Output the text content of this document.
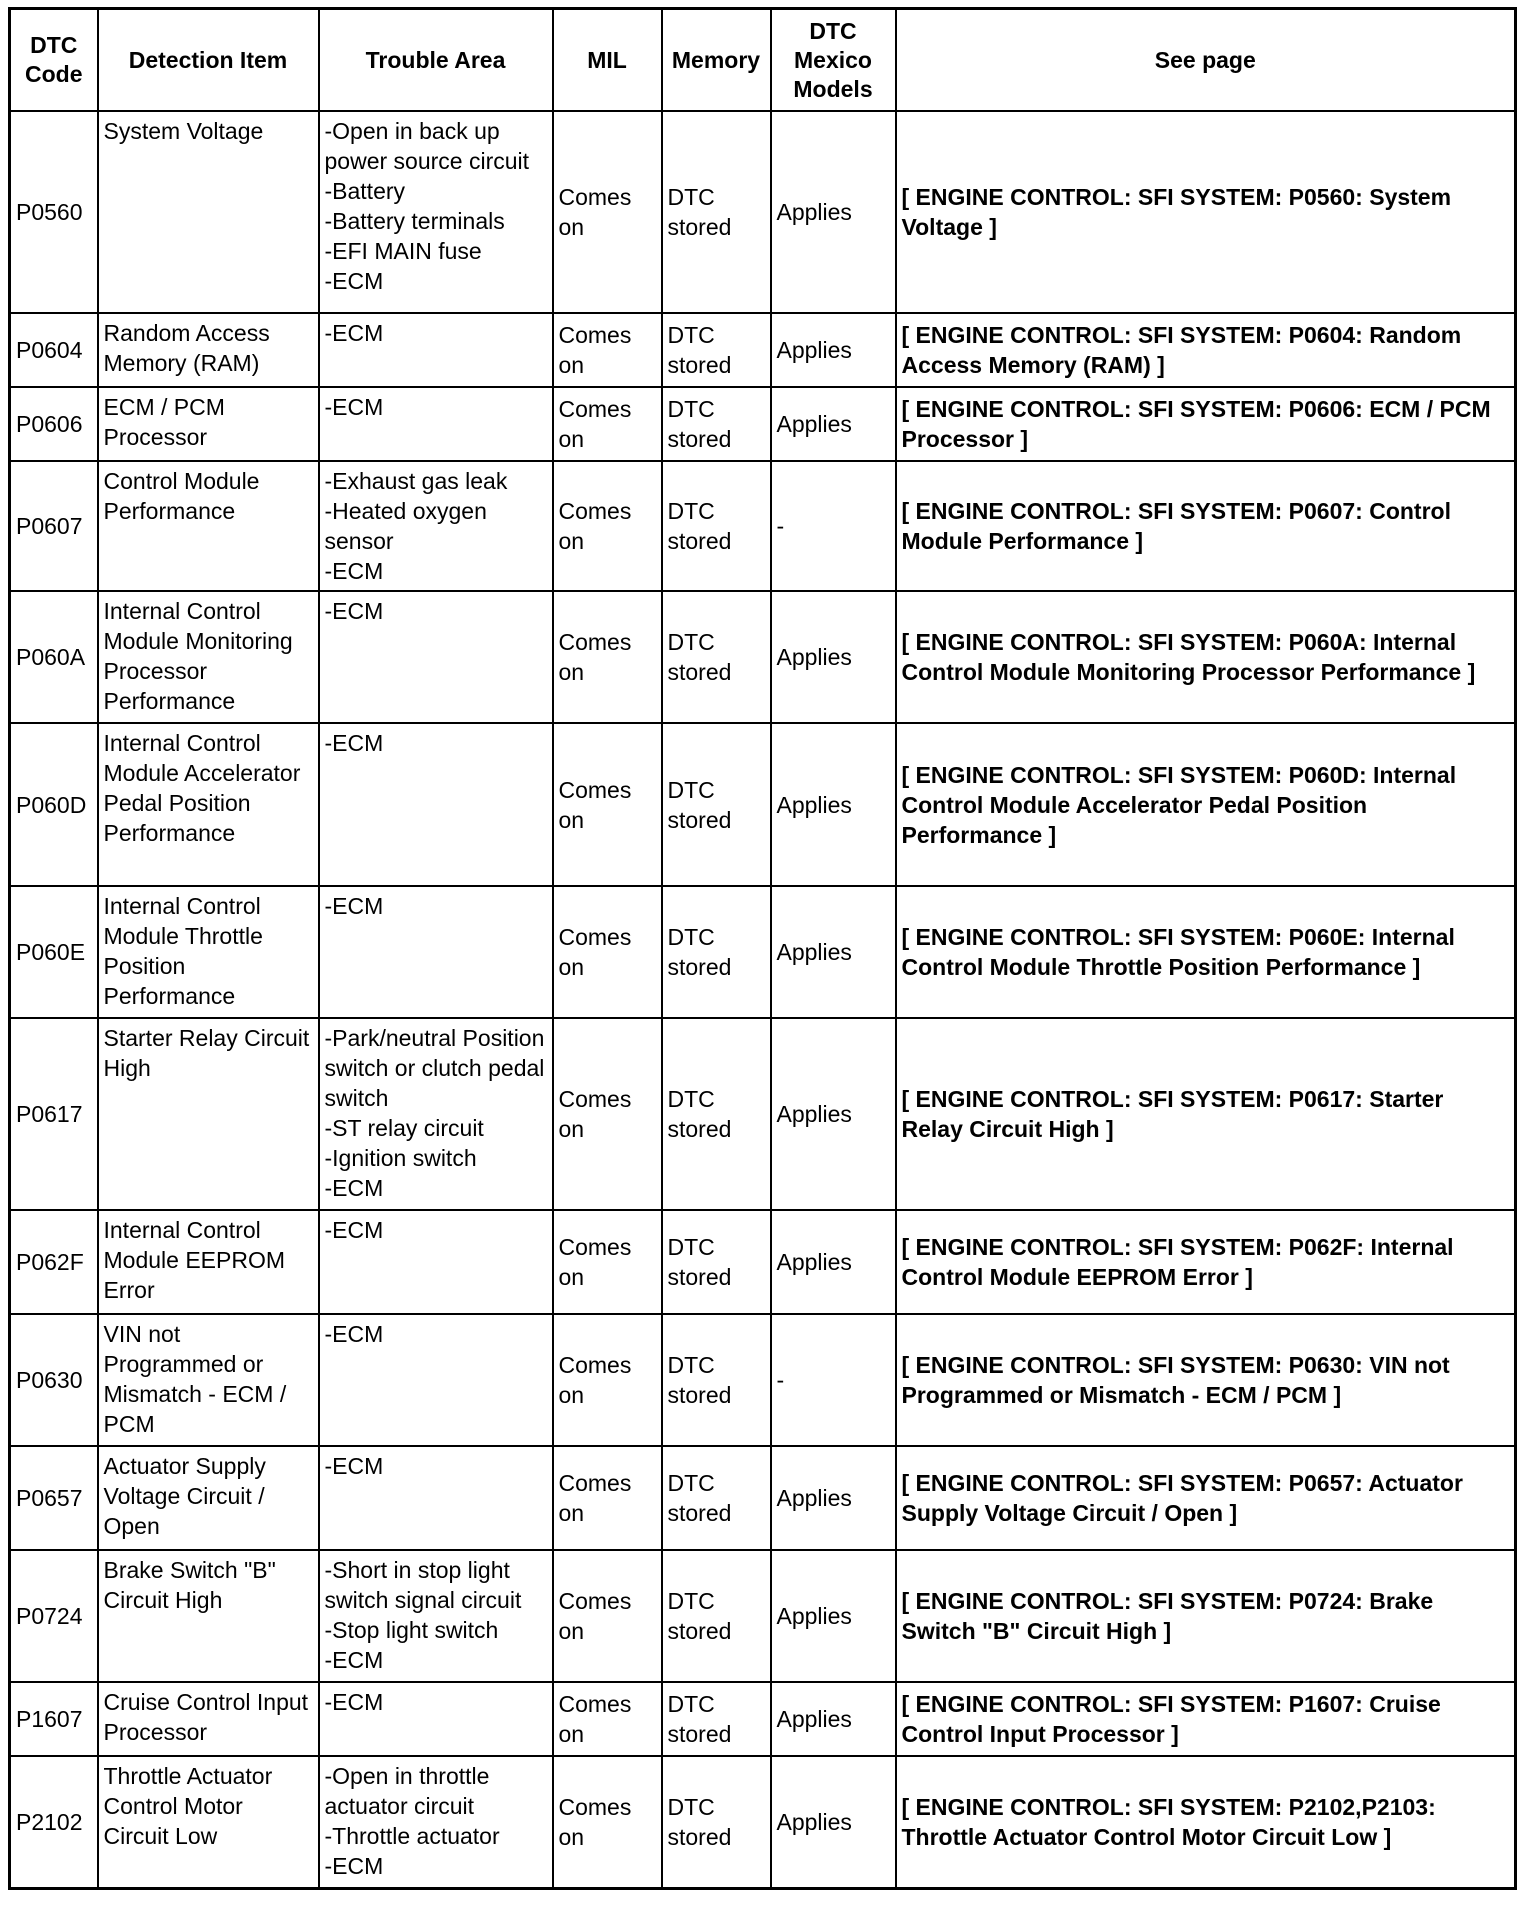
DTC Code	Detection Item	Trouble Area	MIL	Memory	DTC Mexico Models	See page
P0560	System Voltage	-Open in back up power source circuit
-Battery
-Battery terminals
-EFI MAIN fuse
-ECM	Comes on	DTC stored	Applies	[ ENGINE CONTROL: SFI SYSTEM: P0560: System Voltage ]
P0604	Random Access Memory (RAM)	-ECM	Comes on	DTC stored	Applies	[ ENGINE CONTROL: SFI SYSTEM: P0604: Random Access Memory (RAM) ]
P0606	ECM / PCM Processor	-ECM	Comes on	DTC stored	Applies	[ ENGINE CONTROL: SFI SYSTEM: P0606: ECM / PCM Processor ]
P0607	Control Module Performance	-Exhaust gas leak
-Heated oxygen sensor
-ECM	Comes on	DTC stored	-	[ ENGINE CONTROL: SFI SYSTEM: P0607: Control Module Performance ]
P060A	Internal Control Module Monitoring Processor Performance	-ECM	Comes on	DTC stored	Applies	[ ENGINE CONTROL: SFI SYSTEM: P060A: Internal Control Module Monitoring Processor Performance ]
P060D	Internal Control Module Accelerator Pedal Position Performance	-ECM	Comes on	DTC stored	Applies	[ ENGINE CONTROL: SFI SYSTEM: P060D: Internal Control Module Accelerator Pedal Position Performance ]
P060E	Internal Control Module Throttle Position Performance	-ECM	Comes on	DTC stored	Applies	[ ENGINE CONTROL: SFI SYSTEM: P060E: Internal Control Module Throttle Position Performance ]
P0617	Starter Relay Circuit High	-Park/neutral Position switch or clutch pedal switch
-ST relay circuit
-Ignition switch
-ECM	Comes on	DTC stored	Applies	[ ENGINE CONTROL: SFI SYSTEM: P0617: Starter Relay Circuit High ]
P062F	Internal Control Module EEPROM Error	-ECM	Comes on	DTC stored	Applies	[ ENGINE CONTROL: SFI SYSTEM: P062F: Internal Control Module EEPROM Error ]
P0630	VIN not Programmed or Mismatch - ECM / PCM	-ECM	Comes on	DTC stored	-	[ ENGINE CONTROL: SFI SYSTEM: P0630: VIN not Programmed or Mismatch - ECM / PCM ]
P0657	Actuator Supply Voltage Circuit / Open	-ECM	Comes on	DTC stored	Applies	[ ENGINE CONTROL: SFI SYSTEM: P0657: Actuator Supply Voltage Circuit / Open ]
P0724	Brake Switch "B" Circuit High	-Short in stop light switch signal circuit
-Stop light switch
-ECM	Comes on	DTC stored	Applies	[ ENGINE CONTROL: SFI SYSTEM: P0724: Brake Switch "B" Circuit High ]
P1607	Cruise Control Input Processor	-ECM	Comes on	DTC stored	Applies	[ ENGINE CONTROL: SFI SYSTEM: P1607: Cruise Control Input Processor ]
P2102	Throttle Actuator Control Motor Circuit Low	-Open in throttle actuator circuit
-Throttle actuator
-ECM	Comes on	DTC stored	Applies	[ ENGINE CONTROL: SFI SYSTEM: P2102,P2103: Throttle Actuator Control Motor Circuit Low ]
